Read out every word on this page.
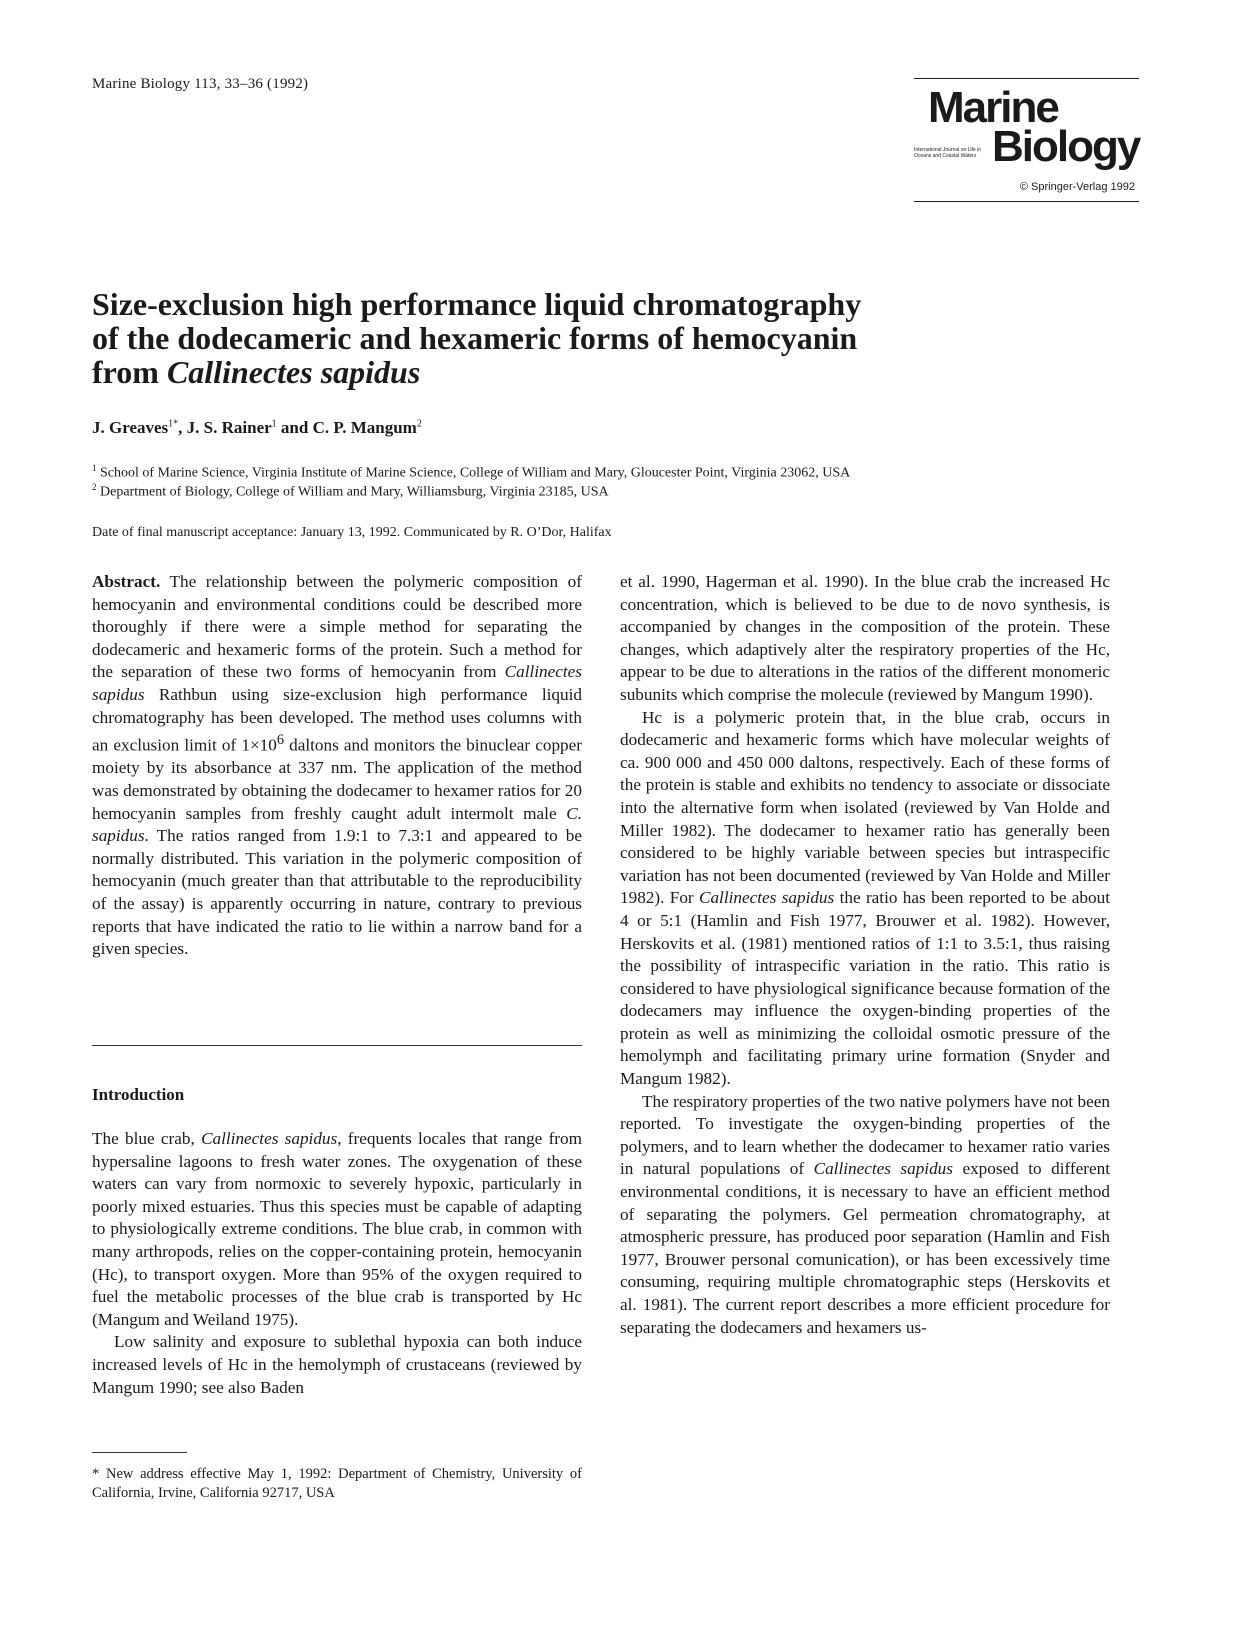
Marine Biology 113, 33–36 (1992)	Marine
International Journal on Life in Oceans and Coastal Waters Biology
© Springer-Verlag 1992
Size-exclusion high performance liquid chromatography
of the dodecameric and hexameric forms of hemocyanin
from Callinectes sapidus
J. Greaves$^{1*}$, J. S. Rainer$^1$ and C. P. Mangum$^2$
$^1$ School of Marine Science, Virginia Institute of Marine Science, College of William and Mary, Gloucester Point, Virginia 23062, USA
$^2$ Department of Biology, College of William and Mary, Williamsburg, Virginia 23185, USA
Date of final manuscript acceptance: January 13, 1992. Communicated by R. O’Dor, Halifax

Abstract. The relationship between the polymeric composition of hemocyanin and environmental conditions could be described more thoroughly if there were a simple method for separating the dodecameric and hexameric forms of the protein. Such a method for the separation of these two forms of hemocyanin from Callinectes sapidus Rathbun using size-exclusion high performance liquid chromatography has been developed. The method uses columns with an exclusion limit of $1\times 10^6$ daltons and monitors the binuclear copper moiety by its absorbance at 337 nm. The application of the method was demonstrated by obtaining the dodecamer to hexamer ratios for 20 hemocyanin samples from freshly caught adult intermolt male C. sapidus. The ratios ranged from 1.9:1 to 7.3:1 and appeared to be normally distributed. This variation in the polymeric composition of hemocyanin (much greater than that attributable to the reproducibility of the assay) is apparently occurring in nature, contrary to previous reports that have indicated the ratio to lie within a narrow band for a given species.

Introduction

The blue crab, Callinectes sapidus, frequents locales that range from hypersaline lagoons to fresh water zones. The oxygenation of these waters can vary from normoxic to severely hypoxic, particularly in poorly mixed estuaries. Thus this species must be capable of adapting to physiologically extreme conditions. The blue crab, in common with many arthropods, relies on the copper-containing protein, hemocyanin (Hc), to transport oxygen. More than 95% of the oxygen required to fuel the metabolic processes of the blue crab is transported by Hc (Mangum and Weiland 1975).

Low salinity and exposure to sublethal hypoxia can both induce increased levels of Hc in the hemolymph of crustaceans (reviewed by Mangum 1990; see also Baden

* New address effective May 1, 1992: Department of Chemistry, University of California, Irvine, California 92717, USA

et al. 1990, Hagerman et al. 1990). In the blue crab the increased Hc concentration, which is believed to be due to de novo synthesis, is accompanied by changes in the composition of the protein. These changes, which adaptively alter the respiratory properties of the Hc, appear to be due to alterations in the ratios of the different monomeric subunits which comprise the molecule (reviewed by Mangum 1990).

Hc is a polymeric protein that, in the blue crab, occurs in dodecameric and hexameric forms which have molecular weights of ca. 900 000 and 450 000 daltons, respectively. Each of these forms of the protein is stable and exhibits no tendency to associate or dissociate into the alternative form when isolated (reviewed by Van Holde and Miller 1982). The dodecamer to hexamer ratio has generally been considered to be highly variable between species but intraspecific variation has not been documented (reviewed by Van Holde and Miller 1982). For Callinectes sapidus the ratio has been reported to be about 4 or 5:1 (Hamlin and Fish 1977, Brouwer et al. 1982). However, Herskovits et al. (1981) mentioned ratios of 1:1 to 3.5:1, thus raising the possibility of intraspecific variation in the ratio. This ratio is considered to have physiological significance because formation of the dodecamers may influence the oxygen-binding properties of the protein as well as minimizing the colloidal osmotic pressure of the hemolymph and facilitating primary urine formation (Snyder and Mangum 1982).

The respiratory properties of the two native polymers have not been reported. To investigate the oxygen-binding properties of the polymers, and to learn whether the dodecamer to hexamer ratio varies in natural populations of Callinectes sapidus exposed to different environmental conditions, it is necessary to have an efficient method of separating the polymers. Gel permeation chromatography, at atmospheric pressure, has produced poor separation (Hamlin and Fish 1977, Brouwer personal comunication), or has been excessively time consuming, requiring multiple chromatographic steps (Herskovits et al. 1981). The current report describes a more efficient procedure for separating the dodecamers and hexamers us-
